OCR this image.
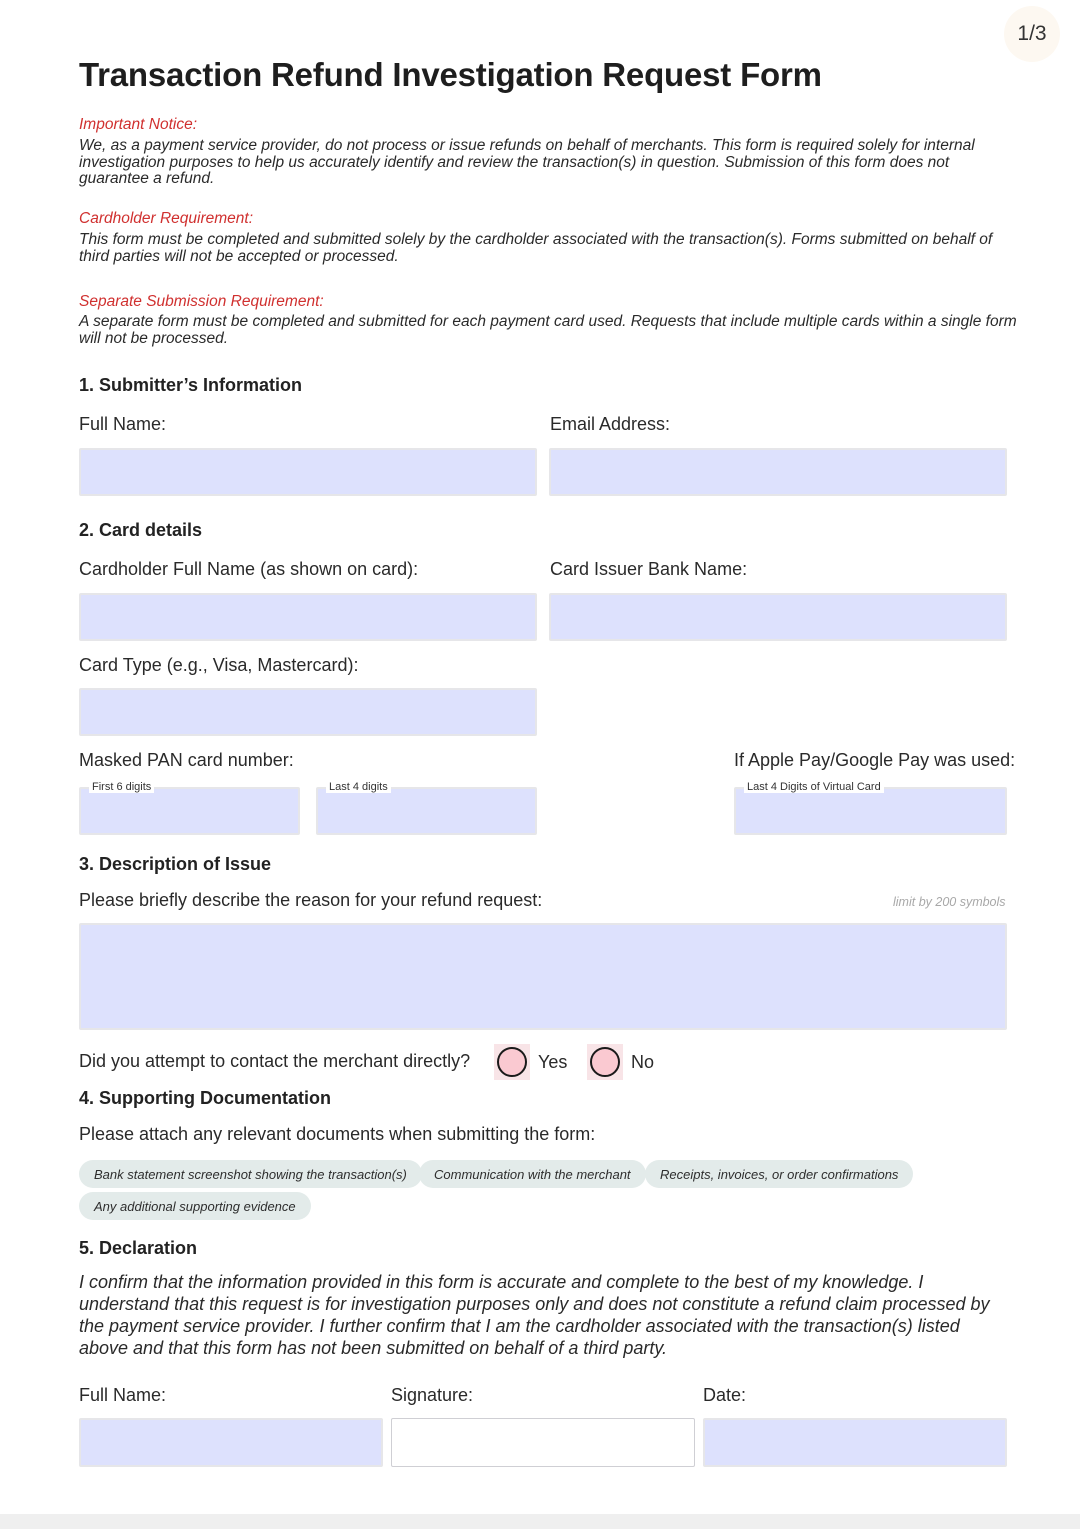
1/3
Transaction Refund Investigation Request Form
Important Notice:
We, as a payment service provider, do not process or issue refunds on behalf of merchants. This form is required solely for internal investigation purposes to help us accurately identify and review the transaction(s) in question. Submission of this form does not guarantee a refund.
Cardholder Requirement:
This form must be completed and submitted solely by the cardholder associated with the transaction(s). Forms submitted on behalf of third parties will not be accepted or processed.
Separate Submission Requirement:
A separate form must be completed and submitted for each payment card used. Requests that include multiple cards within a single form will not be processed.
1. Submitter’s Information
Full Name:	Email Address:
2. Card details
Cardholder Full Name (as shown on card):	Card Issuer Bank Name:
Card Type (e.g., Visa, Mastercard):
Masked PAN card number:	If Apple Pay/Google Pay was used:
First 6 digits	Last 4 digits	Last 4 Digits of Virtual Card
3. Description of Issue
Please briefly describe the reason for your refund request:	limit by 200 symbols
Did you attempt to contact the merchant directly?	Yes	No
4. Supporting Documentation
Please attach any relevant documents when submitting the form:
Bank statement screenshot showing the transaction(s)	Communication with the merchant	Receipts, invoices, or order confirmations
Any additional supporting evidence
5. Declaration
I confirm that the information provided in this form is accurate and complete to the best of my knowledge. I understand that this request is for investigation purposes only and does not constitute a refund claim processed by the payment service provider. I further confirm that I am the cardholder associated with the transaction(s) listed above and that this form has not been submitted on behalf of a third party.
Full Name:	Signature:	Date:
